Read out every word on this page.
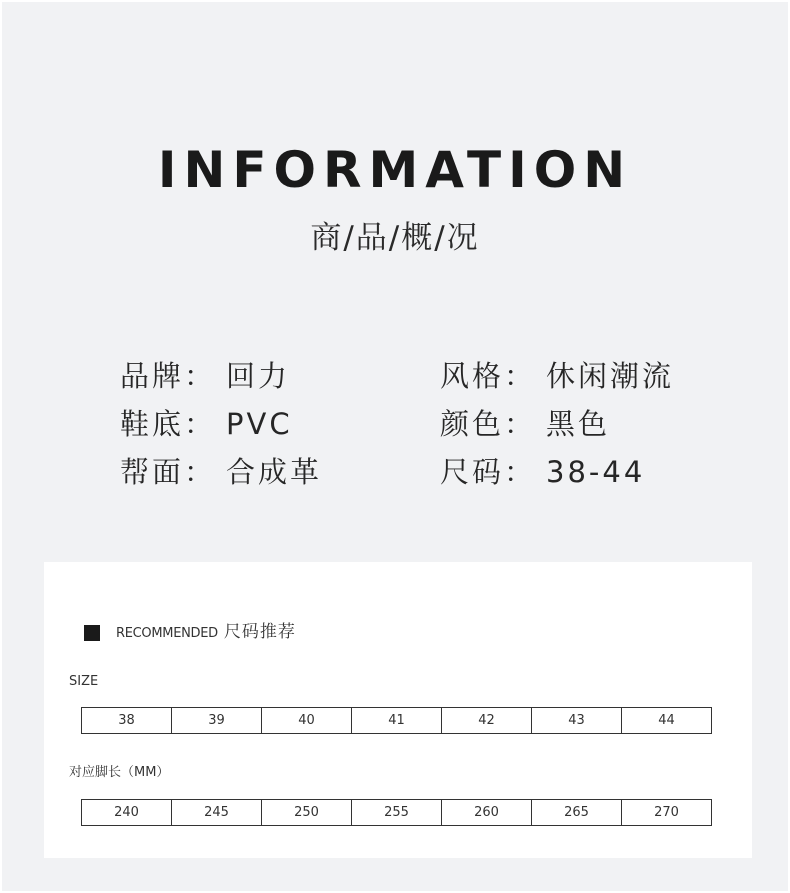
INFORMATION
商/品/概/况
品牌： 回力	风格： 休闲潮流
鞋底： PVC	颜色： 黑色
帮面： 合成革	尺码： 38-44
RECOMMENDED 尺码推荐
SIZE
38	39	40	41	42	43	44
对应脚长（MM）
240	245	250	255	260	265	270
